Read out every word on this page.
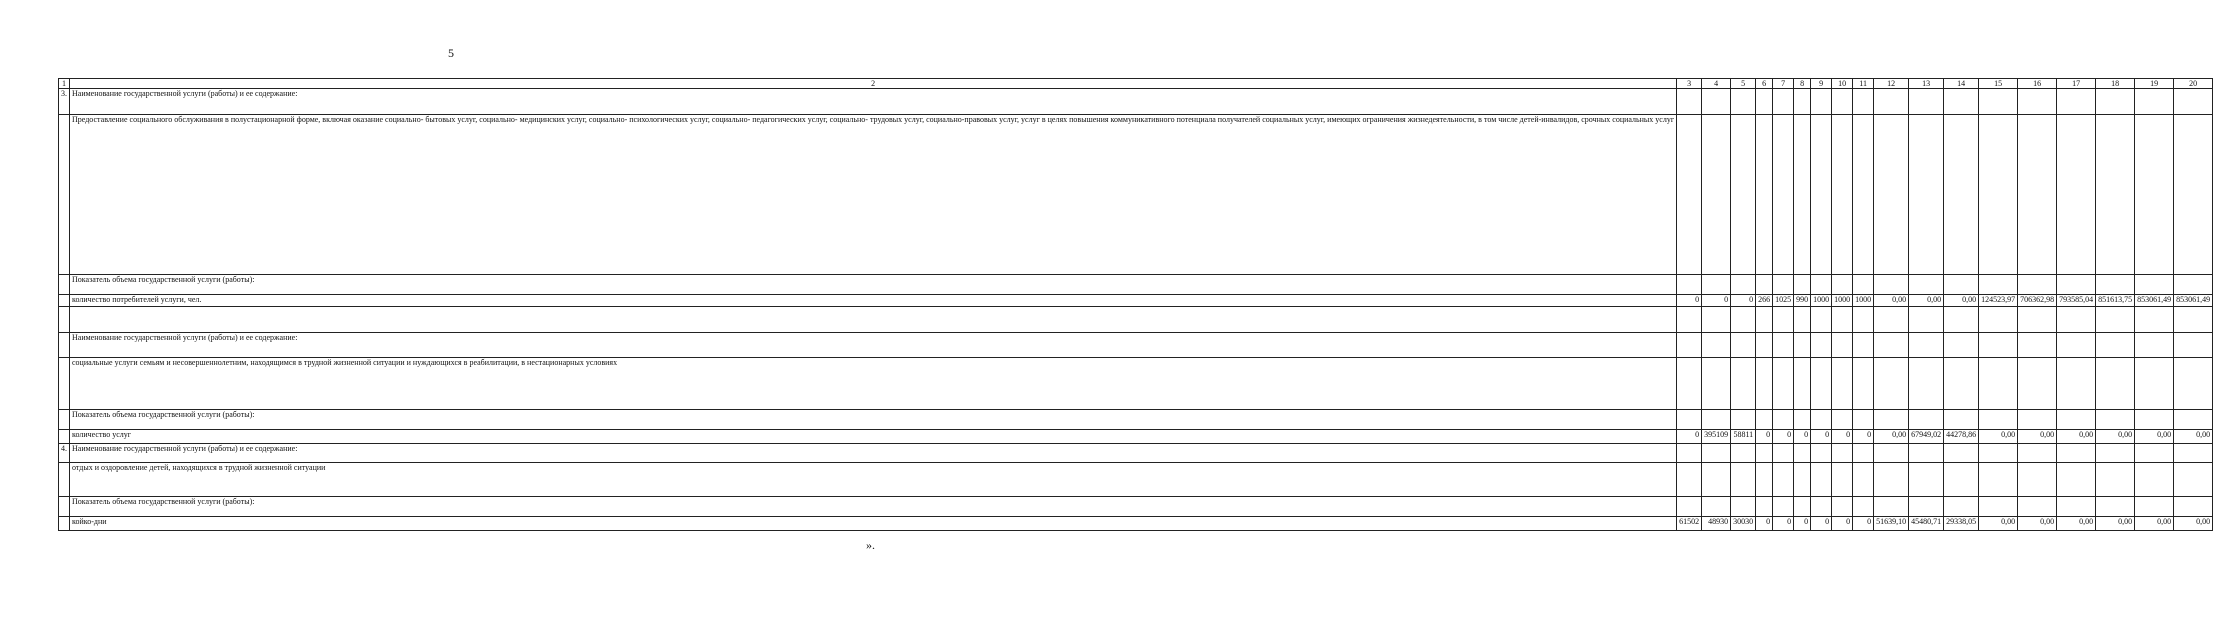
5
1	2	3	4	5	6	7	8	9	10	11	12	13	14	15	16	17	18	19	20
3.	Наименование государственной услуги (работы) и ее содержание:																		
	Предоставление социального обслуживания в полустационарной форме, включая оказание социально- бытовых услуг, социально- медицинских услуг, социально- психологических услуг, социально- педагогических услуг, социально- трудовых услуг, социально-правовых услуг, услуг в целях повышения коммуникативного потенциала получателей социальных услуг, имеющих ограничения жизнедеятельности, в том числе детей-инвалидов, срочных социальных услуг																		
	Показатель объема государственной услуги (работы):																		
	количество потребителей услуги, чел.	0	0	0	266	1025	990	1000	1000	1000	0,00	0,00	0,00	124523,97	706362,98	793585,04	851613,75	853061,49	853061,49

	Наименование государственной услуги (работы) и ее содержание:																		
	социальные услуги семьям и несовершеннолетним, находящимся в трудной жизненной ситуации и нуждающихся в реабилитации, в нестационарных условиях																		
	Показатель объема государственной услуги (работы):																		
	количество услуг	0	395109	58811	0	0	0	0	0	0	0,00	67949,02	44278,86	0,00	0,00	0,00	0,00	0,00	0,00
4.	Наименование государственной услуги (работы) и ее содержание:																		
	отдых и оздоровление детей, находящихся в трудной жизненной ситуации																		
	Показатель объема государственной услуги (работы):																		
	койко-дни	61502	48930	30030	0	0	0	0	0	0	51639,10	45480,71	29338,05	0,00	0,00	0,00	0,00	0,00	0,00
».
